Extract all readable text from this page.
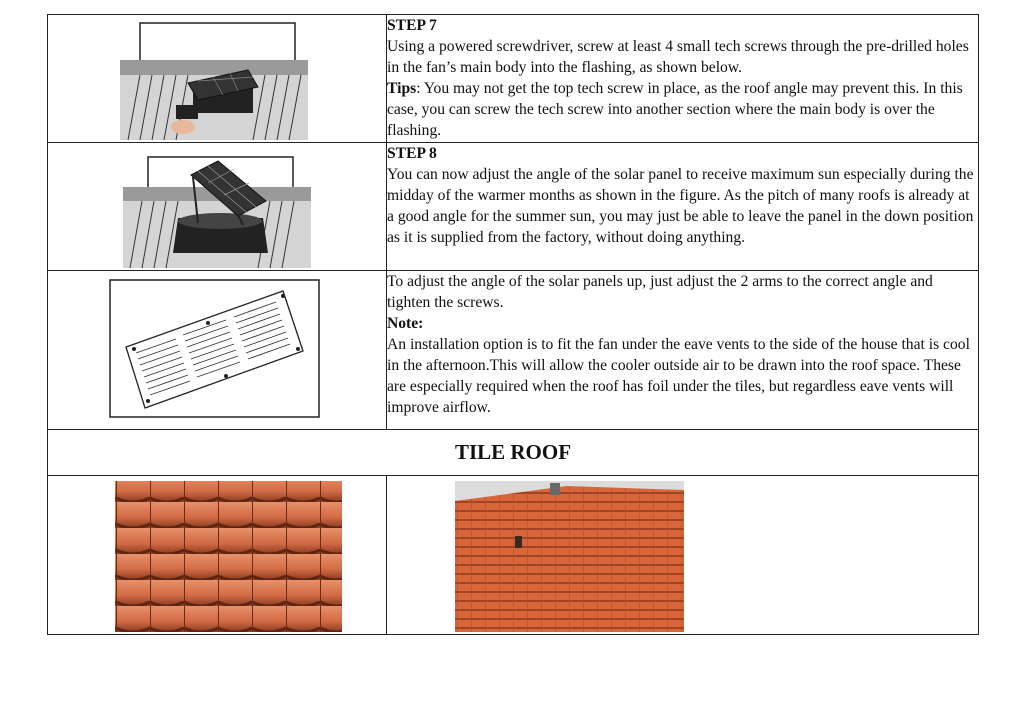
STEP 7
Using a powered screwdriver, screw at least 4 small tech screws through the pre-drilled holes in the fan’s main body into the flashing, as shown below.
Tips: You may not get the top tech screw in place, as the roof angle may prevent this. In this case, you can screw the tech screw into another section where the main body is over the flashing.

STEP 8
You can now adjust the angle of the solar panel to receive maximum sun especially during the midday of the warmer months as shown in the figure. As the pitch of many roofs is already at a good angle for the summer sun, you may just be able to leave the panel in the down position as it is supplied from the factory, without doing anything.

To adjust the angle of the solar panels up, just adjust the 2 arms to the correct angle and tighten the screws.
Note:
An installation option is to fit the fan under the eave vents to the side of the house that is cool in the afternoon.This will allow the cooler outside air to be drawn into the roof space. These are especially required when the roof has foil under the tiles, but regardless eave vents will improve airflow.

TILE ROOF	
